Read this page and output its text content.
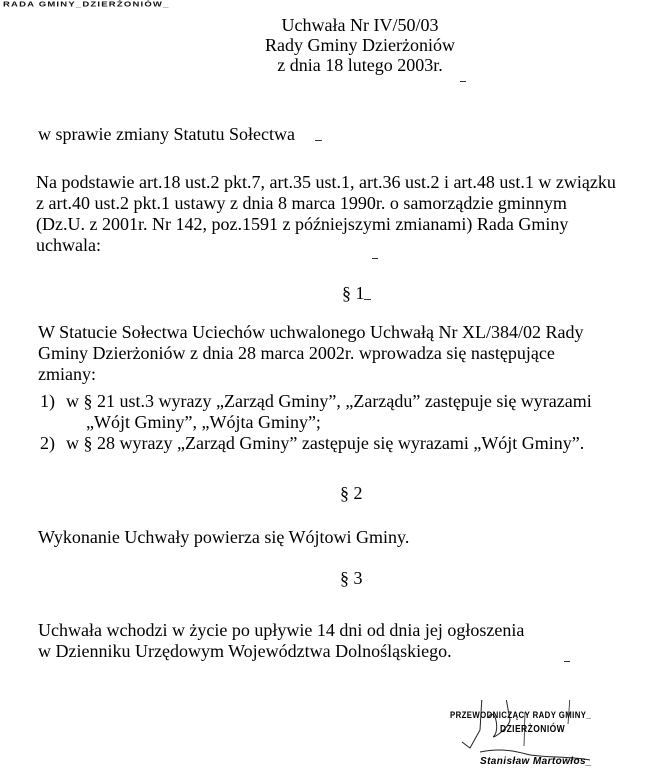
RADA GMINY_DZIERŻONIÓW_
Uchwała Nr IV/50/03
Rady Gminy Dzierżoniów
z dnia 18 lutego 2003r.
w sprawie zmiany Statutu Sołectwa
Na podstawie art.18 ust.2 pkt.7, art.35 ust.1, art.36 ust.2 i art.48 ust.1 w związku
z art.40 ust.2 pkt.1 ustawy z dnia 8 marca 1990r. o samorządzie gminnym
(Dz.U. z 2001r. Nr 142, poz.1591 z późniejszymi zmianami) Rada Gminy
uchwala:
§ 1
W Statucie Sołectwa Uciechów uchwalonego Uchwałą Nr XL/384/02 Rady
Gminy Dzierżoniów z dnia 28 marca 2002r. wprowadza się następujące
zmiany:
1) w § 21 ust.3 wyrazy „Zarząd Gminy”, „Zarządu” zastępuje się wyrazami
„Wójt Gminy”, „Wójta Gminy”;
2) w § 28 wyrazy „Zarząd Gminy” zastępuje się wyrazami „Wójt Gminy”.
§ 2
Wykonanie Uchwały powierza się Wójtowi Gminy.
§ 3
Uchwała wchodzi w życie po upływie 14 dni od dnia jej ogłoszenia
w Dzienniku Urzędowym Województwa Dolnośląskiego.
PRZEWODNICZĄCY RADY GMINY_
DZIERŻONIÓW
Stanisław Martowłos_
